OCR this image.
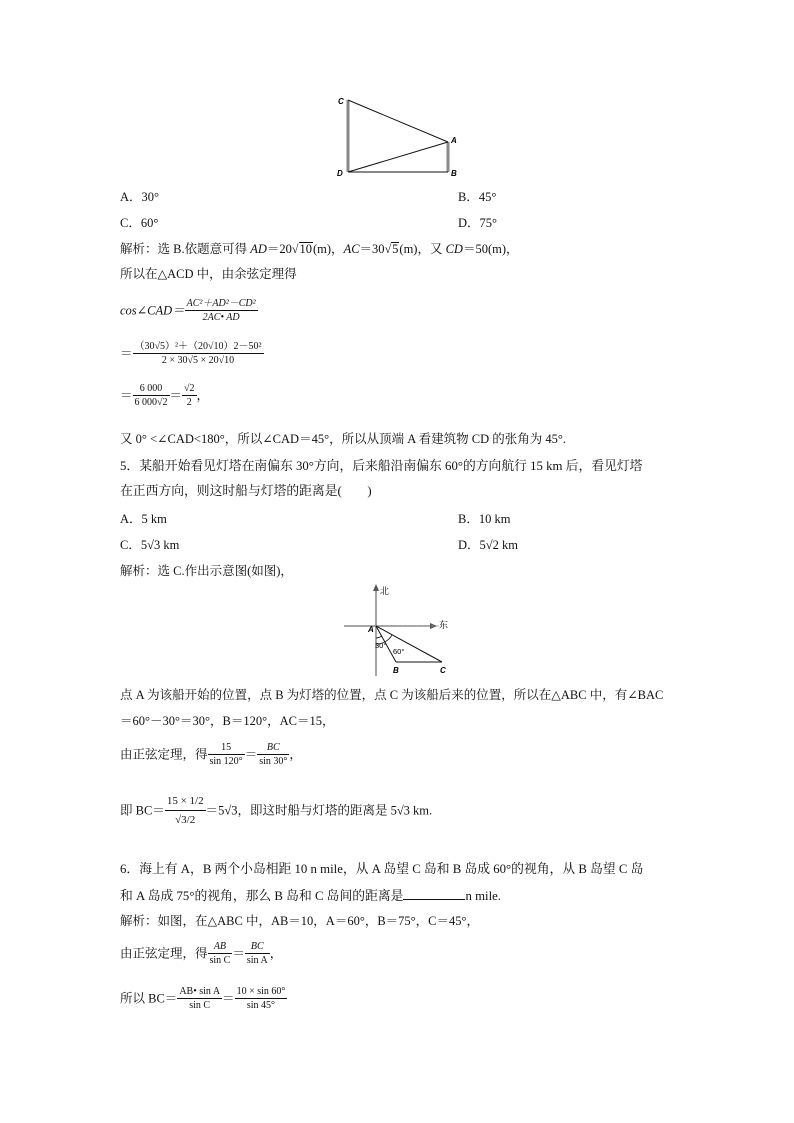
C
A
D	B
A．30°	B．45°
C．60°	D．75°
解析：选 B.依题意可得 AD＝20√10(m)，AC＝30√5(m)，又 CD＝50(m)，
所以在△ACD 中，由余弦定理得
cos∠CAD＝ $\frac{\text{AC²＋AD²－CD²}}{2AC• AD}$
＝ $\frac{\text{（30√5）²＋（20√10）2－50²}}{2 \times 30√5 \times 20√10}$
＝ $\frac{6 000}{6 000√2} = \frac{√2}{2}$ ，
又 0° <∠CAD<180°，所以∠CAD＝45°，所以从顶端 A 看建筑物 CD 的张角为 45°.
5．某船开始看见灯塔在南偏东 30°方向，后来船沿南偏东 60°的方向航行 15 km 后，看见灯塔
在正西方向，则这时船与灯塔的距离是(　　)
A．5 km	B．10 km
C．5√3 km	D．5√2 km
解析：选 C.作出示意图(如图)，
北
东
A
30°
60°
B	C
点 A 为该船开始的位置，点 B 为灯塔的位置，点 C 为该船后来的位置，所以在△ABC 中，有∠BAC
＝60°－30°＝30°，B＝120°，AC＝15，
由正弦定理，得 $\frac{15}{\sin 120^\circ} = \frac{BC}{\sin 30^\circ}$ ，
即 $BC= \frac{15 \times 1/2}{√3/2} =5√3$，即这时船与灯塔的距离是 5√3 km.
6．海上有 A，B 两个小岛相距 10 n mile，从 A 岛望 C 岛和 B 岛成 60°的视角，从 B 岛望 C 岛
和 A 岛成 75°的视角，那么 B 岛和 C 岛间的距离是	n mile.
解析：如图，在△ABC 中，AB＝10，A＝60°，B＝75°，C＝45°，
由正弦定理，得 $\frac{AB}{\text{sin C}} = \frac{BC}{\text{sin A}}$ ，
所以 $BC= \frac{\text{AB• sin A}}{\text{sin C}} = \frac{10 \times \sin 60^\circ}{\sin 45^\circ}$
